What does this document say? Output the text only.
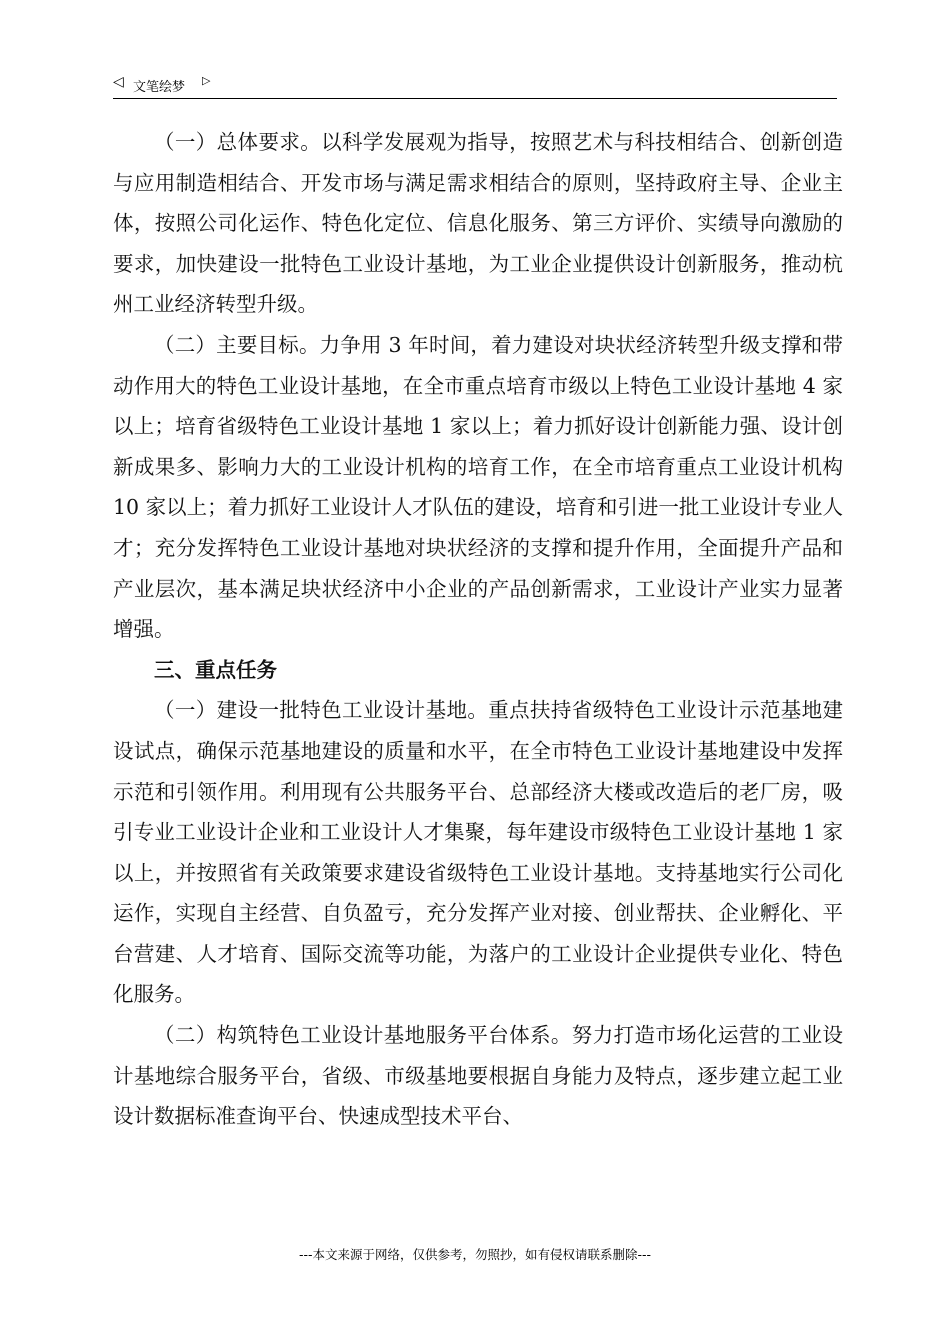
◁ 文笔绘梦 ▷

（一）总体要求。以科学发展观为指导，按照艺术与科技相结合、创新创造与应用制造相结合、开发市场与满足需求相结合的原则，坚持政府主导、企业主体，按照公司化运作、特色化定位、信息化服务、第三方评价、实绩导向激励的要求，加快建设一批特色工业设计基地，为工业企业提供设计创新服务，推动杭州工业经济转型升级。

（二）主要目标。力争用 3 年时间，着力建设对块状经济转型升级支撑和带动作用大的特色工业设计基地，在全市重点培育市级以上特色工业设计基地 4 家以上；培育省级特色工业设计基地 1 家以上；着力抓好设计创新能力强、设计创新成果多、影响力大的工业设计机构的培育工作，在全市培育重点工业设计机构 10 家以上；着力抓好工业设计人才队伍的建设，培育和引进一批工业设计专业人才；充分发挥特色工业设计基地对块状经济的支撑和提升作用，全面提升产品和产业层次，基本满足块状经济中小企业的产品创新需求，工业设计产业实力显著增强。

三、重点任务

（一）建设一批特色工业设计基地。重点扶持省级特色工业设计示范基地建设试点，确保示范基地建设的质量和水平，在全市特色工业设计基地建设中发挥示范和引领作用。利用现有公共服务平台、总部经济大楼或改造后的老厂房，吸引专业工业设计企业和工业设计人才集聚，每年建设市级特色工业设计基地 1 家以上，并按照省有关政策要求建设省级特色工业设计基地。支持基地实行公司化运作，实现自主经营、自负盈亏，充分发挥产业对接、创业帮扶、企业孵化、平台营建、人才培育、国际交流等功能，为落户的工业设计企业提供专业化、特色化服务。

（二）构筑特色工业设计基地服务平台体系。努力打造市场化运营的工业设计基地综合服务平台，省级、市级基地要根据自身能力及特点，逐步建立起工业设计数据标准查询平台、快速成型技术平台、

---本文来源于网络，仅供参考，勿照抄，如有侵权请联系删除---
